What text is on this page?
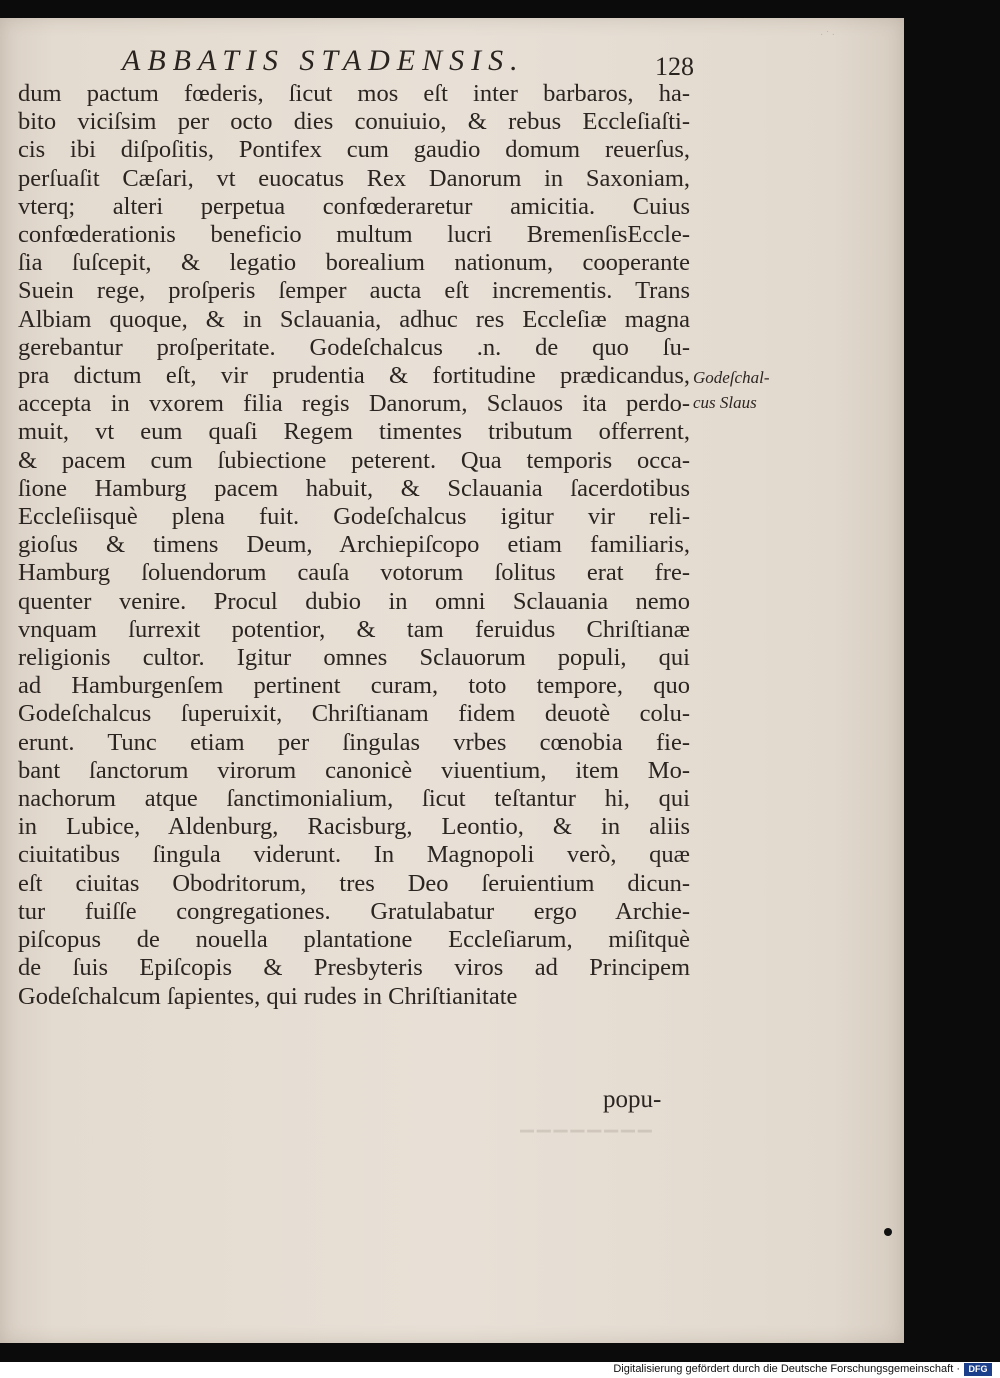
· ˙ ·
ABBATIS STADENSIS.	128
dum pactum fœderis, ſicut mos eſt inter barbaros, ha-
bito viciſsim per octo dies conuiuio, & rebus Eccleſiaſti-
cis ibi diſpoſitis, Pontifex cum gaudio domum reuerſus,
perſuaſit Cæſari, vt euocatus Rex Danorum in Saxoniam,
vterq; alteri perpetua confœderaretur amicitia. Cuius
confœderationis beneficio multum lucri BremenſisEccle-
ſia ſuſcepit, & legatio borealium nationum, cooperante
Suein rege, proſperis ſemper aucta eſt incrementis. Trans
Albiam quoque, & in Sclauania, adhuc res Eccleſiæ magna
gerebantur proſperitate. Godeſchalcus .n. de quo ſu-
pra dictum eſt, vir prudentia & fortitudine prædicandus,
accepta in vxorem filia regis Danorum, Sclauos ita perdo-
muit, vt eum quaſi Regem timentes tributum offerrent,
& pacem cum ſubiectione peterent. Qua temporis occa-
ſione Hamburg pacem habuit, & Sclauania ſacerdotibus
Eccleſiisquè plena fuit. Godeſchalcus igitur vir reli-
gioſus & timens Deum, Archiepiſcopo etiam familiaris,
Hamburg ſoluendorum cauſa votorum ſolitus erat fre-
quenter venire. Procul dubio in omni Sclauania nemo
vnquam ſurrexit potentior, & tam feruidus Chriſtianæ
religionis cultor. Igitur omnes Sclauorum populi, qui
ad Hamburgenſem pertinent curam, toto tempore, quo
Godeſchalcus ſuperuixit, Chriſtianam fidem deuotè colu-
erunt. Tunc etiam per ſingulas vrbes cœnobia fie-
bant ſanctorum virorum canonicè viuentium, item Mo-
nachorum atque ſanctimonialium, ſicut teſtantur hi, qui
in Lubice, Aldenburg, Racisburg, Leontio, & in aliis
ciuitatibus ſingula viderunt. In Magnopoli verò, quæ
eſt ciuitas Obodritorum, tres Deo ſeruientium dicun-
tur fuiſſe congregationes. Gratulabatur ergo Archie-
piſcopus de nouella plantatione Eccleſiarum, miſitquè
de ſuis Epiſcopis & Presbyteris viros ad Principem
Godeſchalcum ſapientes, qui rudes in Chriſtianitate
Godeſchal-
cus Slaus
popu-
▁▁▁▁▁▁▁▁
Digitalisierung gefördert durch die Deutsche Forschungsgemeinschaft · DFG
